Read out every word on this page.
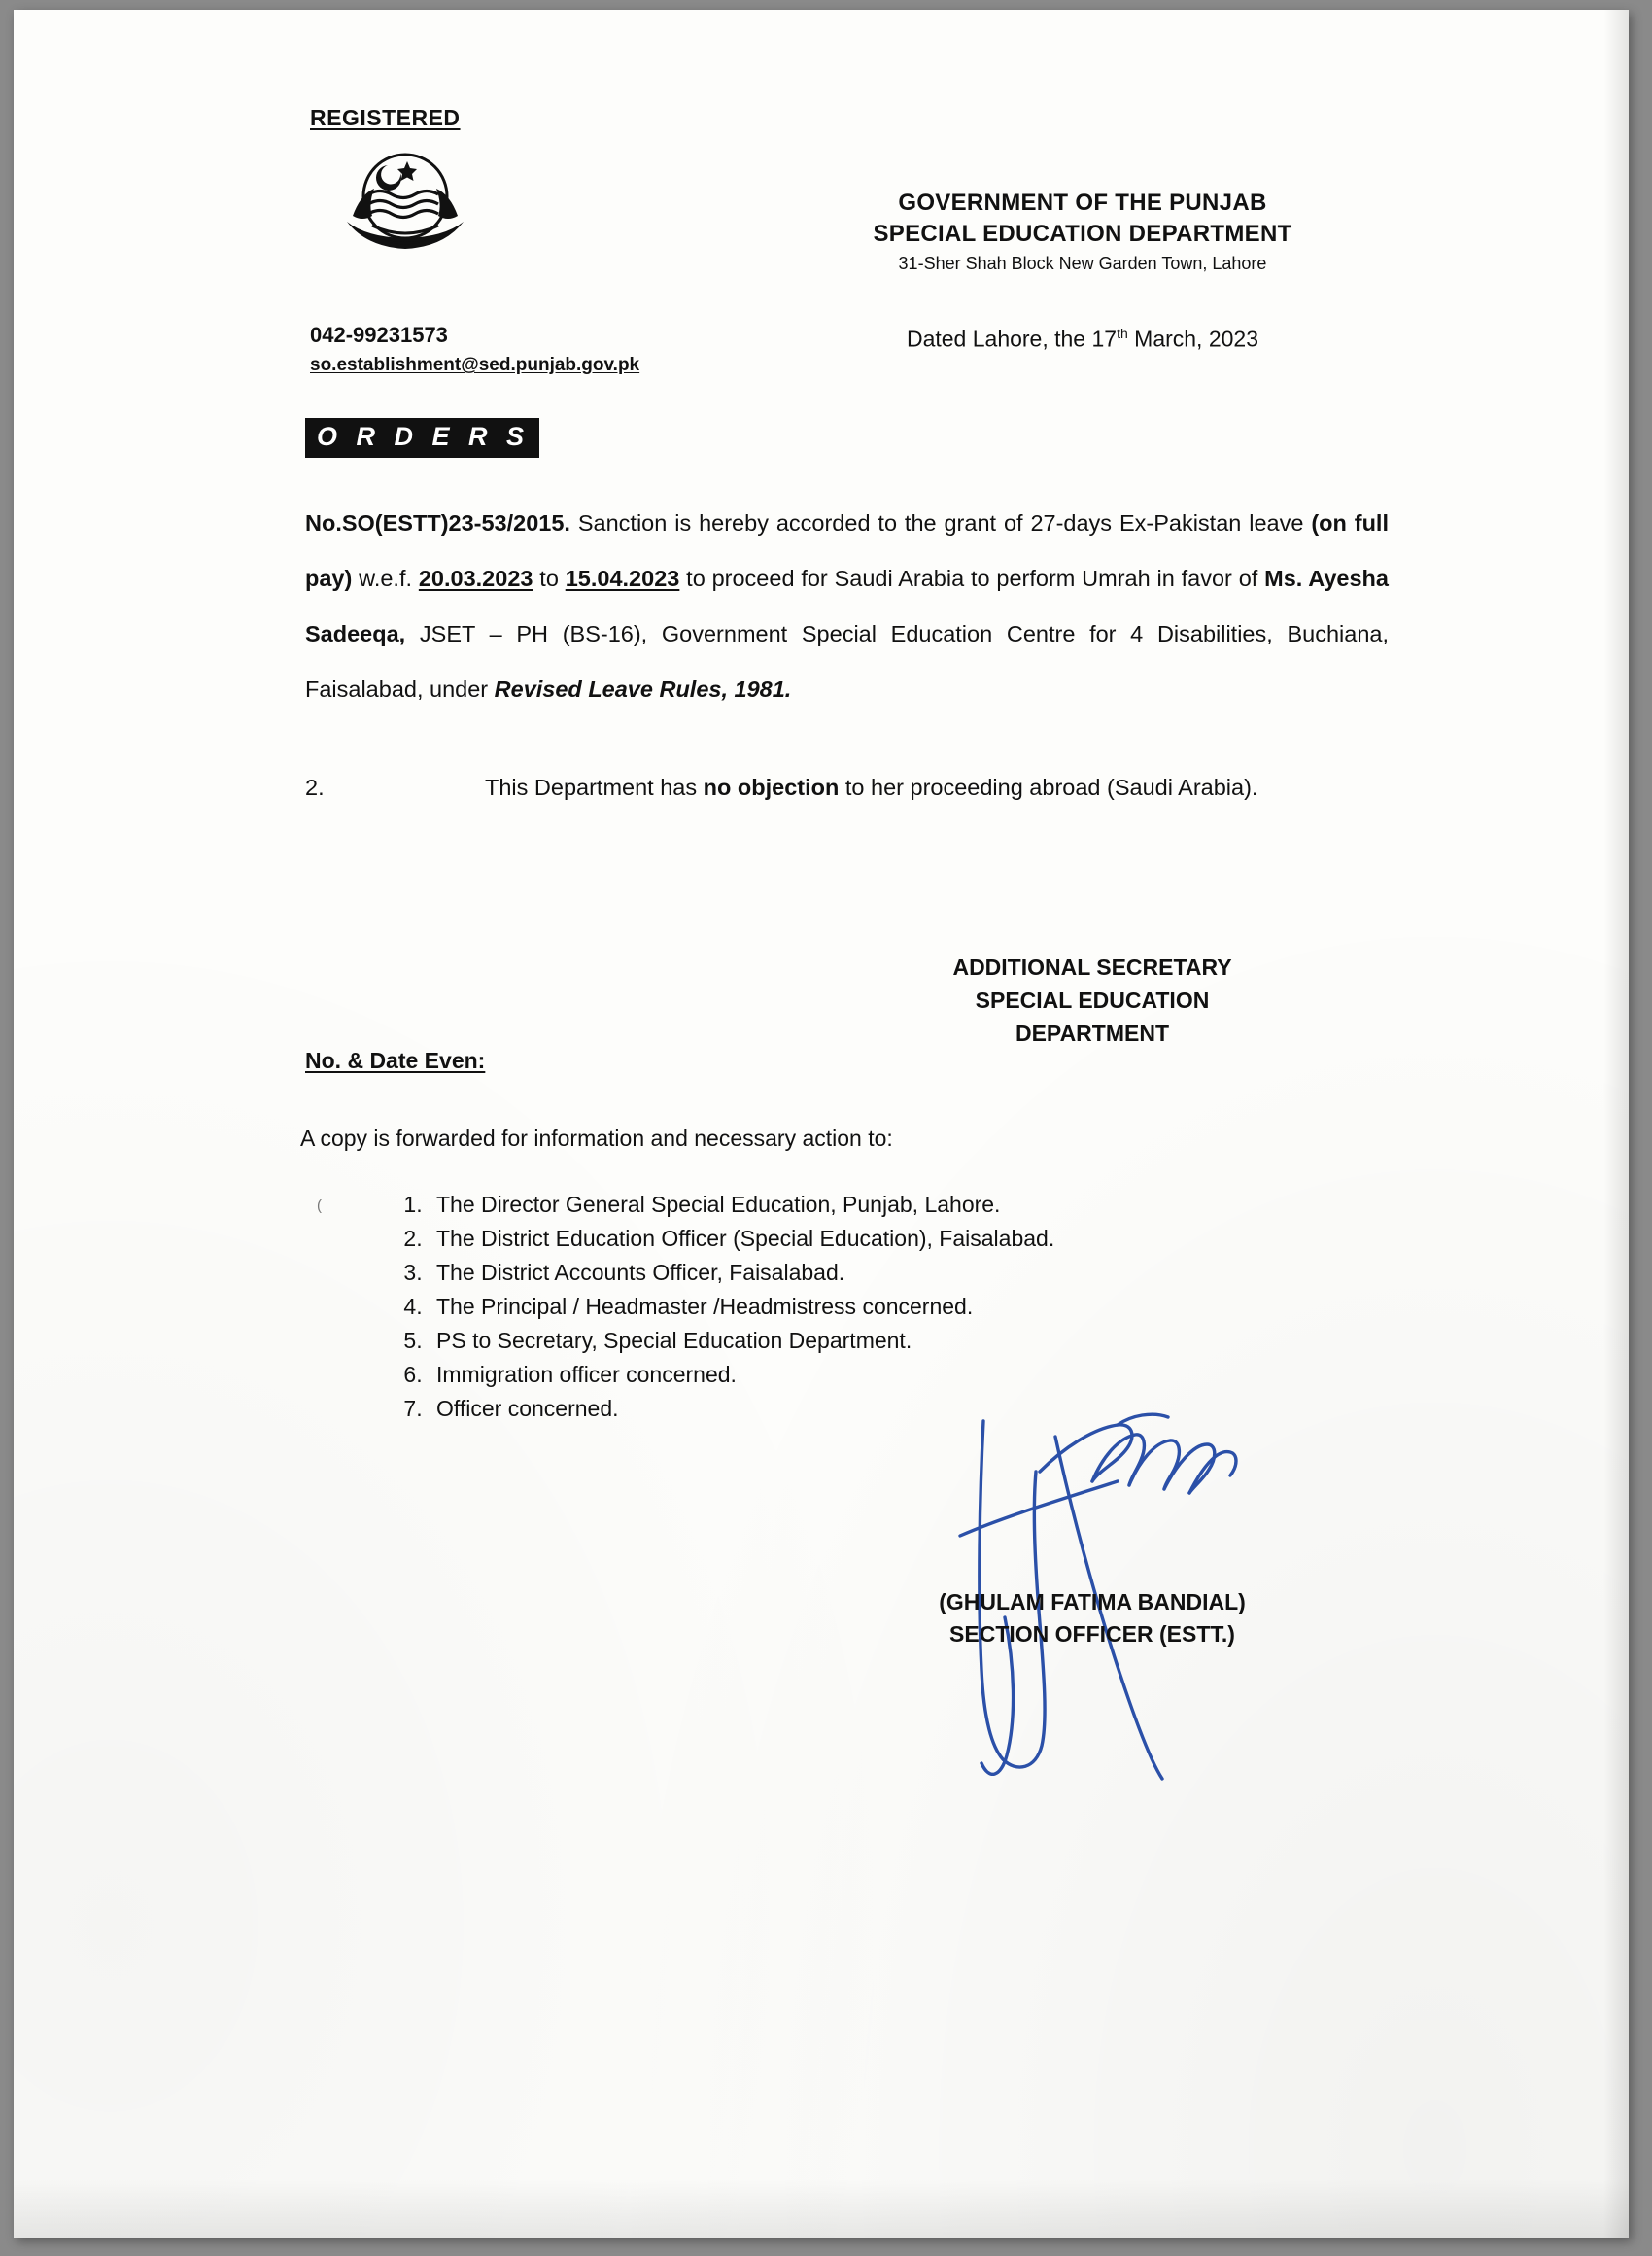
REGISTERED
042-99231573
so.establishment@sed.punjab.gov.pk
GOVERNMENT OF THE PUNJAB
SPECIAL EDUCATION DEPARTMENT
31-Sher Shah Block New Garden Town, Lahore
Dated Lahore, the 17th March, 2023
O R D E R S
No.SO(ESTT)23-53/2015. Sanction is hereby accorded to the grant of 27-days Ex-Pakistan leave (on full pay) w.e.f. 20.03.2023 to 15.04.2023 to proceed for Saudi Arabia to perform Umrah in favor of Ms. Ayesha Sadeeqa, JSET – PH (BS-16), Government Special Education Centre for 4 Disabilities, Buchiana, Faisalabad, under Revised Leave Rules, 1981.
2.	This Department has no objection to her proceeding abroad (Saudi Arabia).
ADDITIONAL SECRETARY
SPECIAL EDUCATION
DEPARTMENT
No. & Date Even:
A copy is forwarded for information and necessary action to:
(	1. The Director General Special Education, Punjab, Lahore.
2. The District Education Officer (Special Education), Faisalabad.
3. The District Accounts Officer, Faisalabad.
4. The Principal / Headmaster /Headmistress concerned.
5. PS to Secretary, Special Education Department.
6. Immigration officer concerned.
7. Officer concerned.
(GHULAM FATIMA BANDIAL)
SECTION OFFICER (ESTT.)
